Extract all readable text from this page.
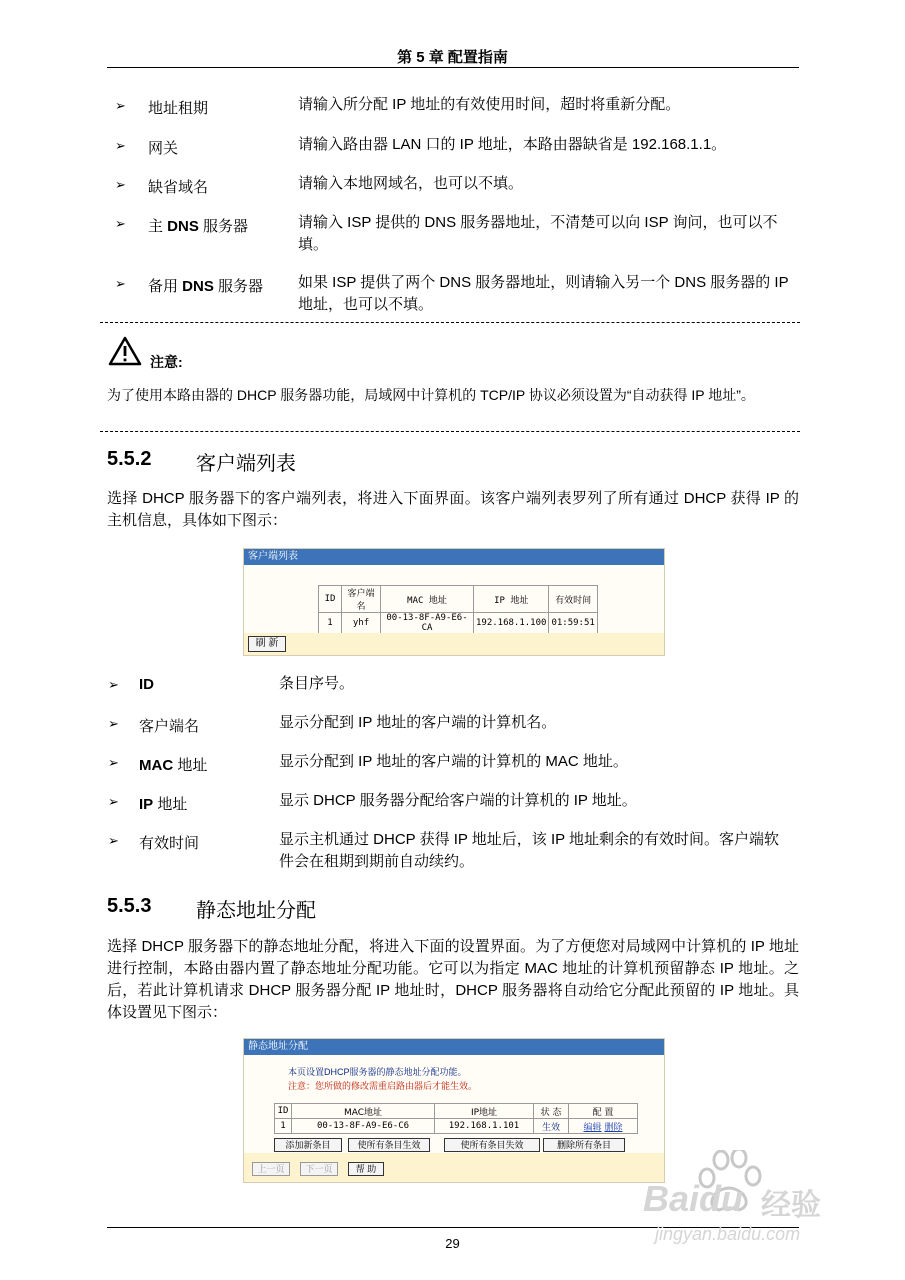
第 5 章 配置指南
➢ 地址租期	请输入所分配 IP 地址的有效使用时间，超时将重新分配。
➢ 网关	请输入路由器 LAN 口的 IP 地址，本路由器缺省是 192.168.1.1。
➢ 缺省域名	请输入本地网域名，也可以不填。
➢ 主 DNS 服务器	请输入 ISP 提供的 DNS 服务器地址，不清楚可以向 ISP 询问，也可以不填。
➢ 备用 DNS 服务器 如果 ISP 提供了两个 DNS 服务器地址，则请输入另一个 DNS 服务器的 IP 地址，也可以不填。
注意:
为了使用本路由器的 DHCP 服务器功能，局域网中计算机的 TCP/IP 协议必须设置为“自动获得 IP 地址”。
5.5.2 客户端列表
选择 DHCP 服务器下的客户端列表，将进入下面界面。该客户端列表罗列了所有通过 DHCP 获得 IP 的主机信息，具体如下图示：
客户端列表
ID	客户端名	MAC 地址	IP 地址	有效时间
1	yhf	00-13-8F-A9-E6-CA	192.168.1.100	01:59:51
刷 新
➢ ID	条目序号。
➢ 客户端名	显示分配到 IP 地址的客户端的计算机名。
➢ MAC 地址	显示分配到 IP 地址的客户端的计算机的 MAC 地址。
➢ IP 地址	显示 DHCP 服务器分配给客户端的计算机的 IP 地址。
➢ 有效时间	显示主机通过 DHCP 获得 IP 地址后，该 IP 地址剩余的有效时间。客户端软件会在租期到期前自动续约。
5.5.3 静态地址分配
选择 DHCP 服务器下的静态地址分配，将进入下面的设置界面。为了方便您对局域网中计算机的 IP 地址进行控制，本路由器内置了静态地址分配功能。它可以为指定 MAC 地址的计算机预留静态 IP 地址。之后，若此计算机请求 DHCP 服务器分配 IP 地址时，DHCP 服务器将自动给它分配此预留的 IP 地址。具体设置见下图示：
静态地址分配
本页设置DHCP服务器的静态地址分配功能。
注意：您所做的修改需重启路由器后才能生效。
ID	MAC地址	IP地址	状 态	配 置
1	00-13-8F-A9-E6-C6	192.168.1.101	生效	编辑 删除
添加新条目	使所有条目生效	使所有条目失效	删除所有条目
上一页	下一页	帮 助
29
Baidu 经验
jingyan.baidu.com
